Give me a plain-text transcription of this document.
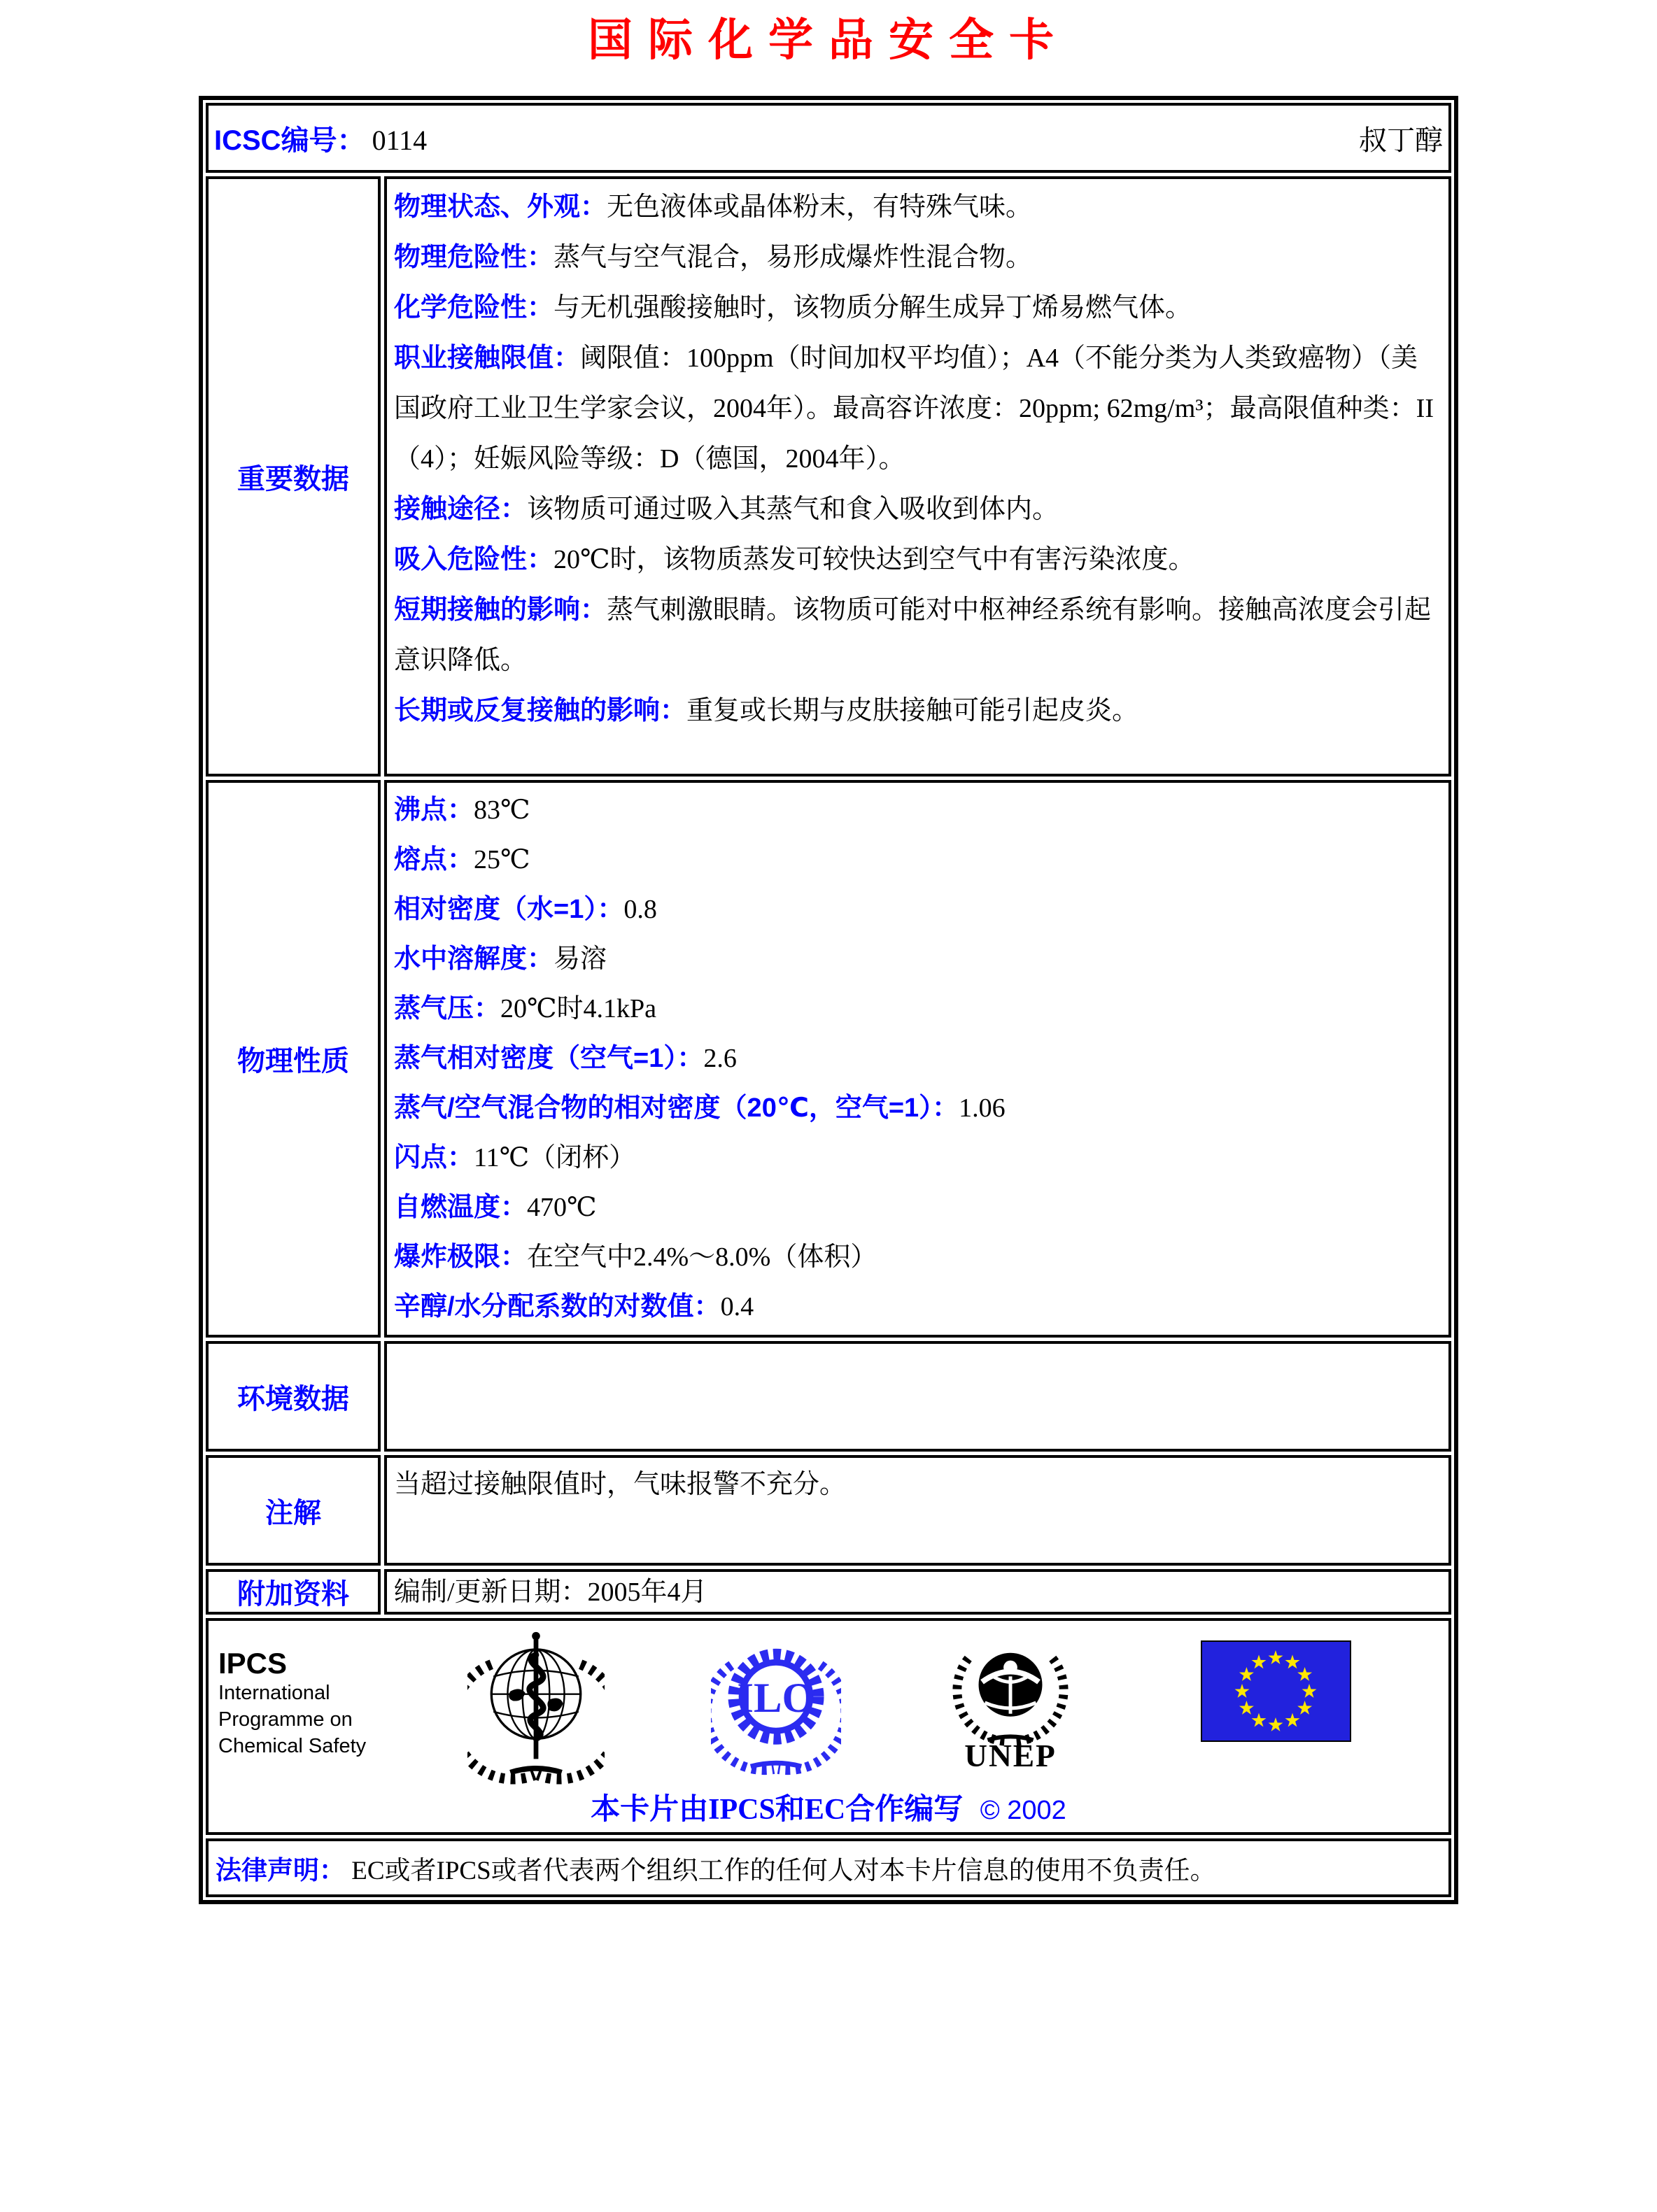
国际化学品安全卡
ICSC编号： 0114	叔丁醇
重要数据

物理状态、外观：无色液体或晶体粉末，有特殊气味。

物理危险性：蒸气与空气混合，易形成爆炸性混合物。

化学危险性：与无机强酸接触时，该物质分解生成异丁烯易燃气体。

职业接触限值：阈限值：100ppm（时间加权平均值）；A4（不能分类为人类致癌物）（美国政府工业卫生学家会议，2004年）。最高容许浓度：20ppm; 62mg/m³；最高限值种类：II（4）；妊娠风险等级：D（德国，2004年）。

接触途径：该物质可通过吸入其蒸气和食入吸收到体内。

吸入危险性：20℃时，该物质蒸发可较快达到空气中有害污染浓度。

短期接触的影响：蒸气刺激眼睛。该物质可能对中枢神经系统有影响。接触高浓度会引起意识降低。

长期或反复接触的影响：重复或长期与皮肤接触可能引起皮炎。

物理性质

沸点：83℃

熔点：25℃

相对密度（水=1）：0.8

水中溶解度：易溶

蒸气压：20℃时4.1kPa

蒸气相对密度（空气=1）：2.6

蒸气/空气混合物的相对密度（20℃，空气=1）：1.06

闪点：11℃（闭杯）

自燃温度：470℃

爆炸极限：在空气中2.4%～8.0%（体积）

辛醇/水分配系数的对数值：0.4

环境数据
注解

当超过接触限值时，气味报警不充分。

附加资料	编制/更新日期：2005年4月

IPCS
International
Programme on
Chemical Safety
ILO
UNEP
本卡片由IPCS和EC合作编写 © 2002
法律声明： EC或者IPCS或者代表两个组织工作的任何人对本卡片信息的使用不负责任。
